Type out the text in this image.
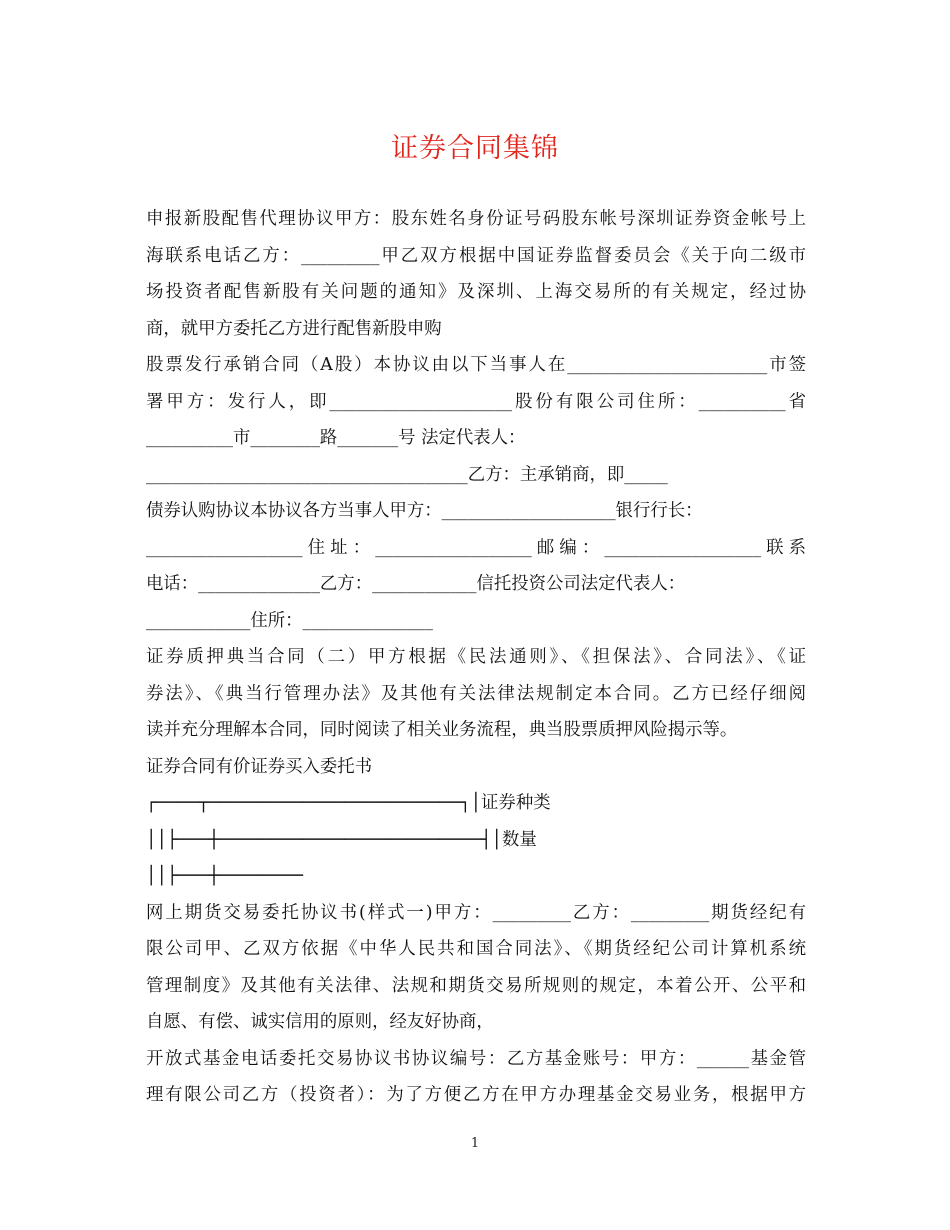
证券合同集锦
申报新股配售代理协议甲方：股东姓名身份证号码股东帐号深圳证券资金帐号上
海联系电话乙方：_________甲乙双方根据中国证券监督委员会《关于向二级市
场投资者配售新股有关问题的通知》及深圳、上海交易所的有关规定，经过协
商，就甲方委托乙方进行配售新股申购
股票发行承销合同（A股）本协议由以下当事人在_______________________市签
署甲方：发行人，即_____________________股份有限公司住所：__________省
__________市________路_______号 法定代表人：
_____________________________________乙方：主承销商，即_____
债券认购协议本协议各方当事人甲方：____________________银行行长：
__________________住址：__________________邮编：__________________联系
电话：______________乙方：____________信托投资公司法定代表人：
____________住所：_______________
证券质押典当合同（二）甲方根据《民法通则》、《担保法》、合同法》、《证
券法》、《典当行管理办法》及其他有关法律法规制定本合同。乙方已经仔细阅
读并充分理解本合同，同时阅读了相关业务流程，典当股票质押风险揭示等。
证券合同有价证券买入委托书
┌────┬────────────────────────┐│证券种类
││├───┼─────────────────────────┤│数量
││├───┼────────
网上期货交易委托协议书(样式一)甲方：_________乙方：_________期货经纪有
限公司甲、乙双方依据《中华人民共和国合同法》、《期货经纪公司计算机系统
管理制度》及其他有关法律、法规和期货交易所规则的规定，本着公开、公平和
自愿、有偿、诚实信用的原则，经友好协商，
开放式基金电话委托交易协议书协议编号：乙方基金账号：甲方：______基金管
理有限公司乙方（投资者）：为了方便乙方在甲方办理基金交易业务，根据甲方
1
